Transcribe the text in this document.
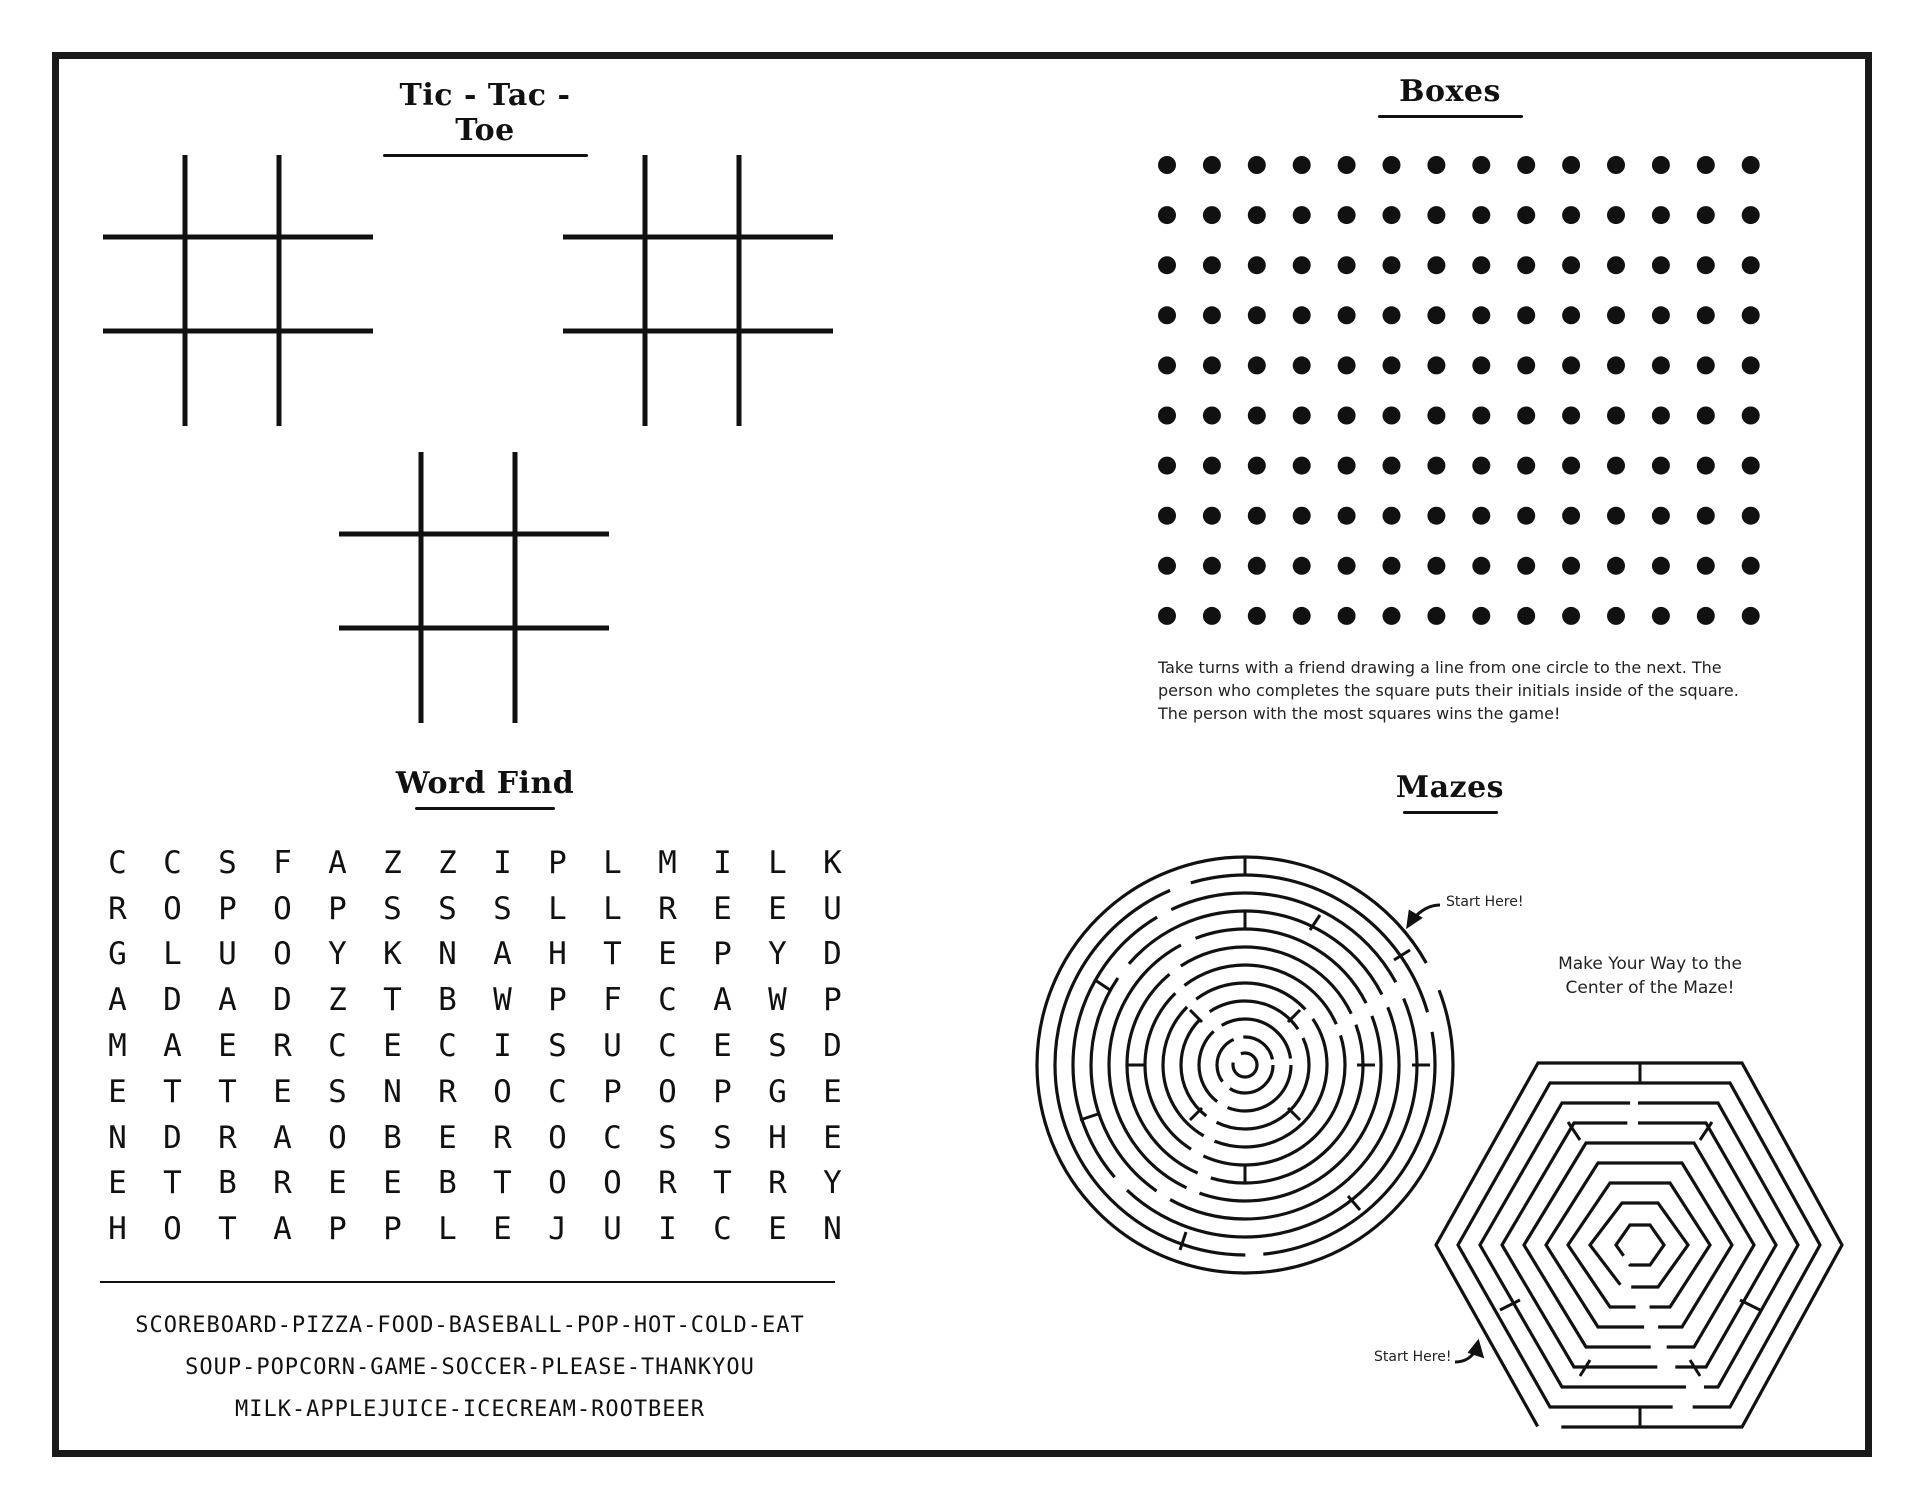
Tic - Tac - Toe
Boxes
Word Find	Mazes
Take turns with a friend drawing a line from one circle to the next. The person who completes the square puts their initials inside of the square. The person with the most squares wins the game!
C	C	S	F	A	Z	Z	I	P	L	M	I	L	K
R	O	P	O	P	S	S	S	L	L	R	E	E	U
G	L	U	O	Y	K	N	A	H	T	E	P	Y	D
A	D	A	D	Z	T	B	W	P	F	C	A	W	P
M	A	E	R	C	E	C	I	S	U	C	E	S	D
E	T	T	E	S	N	R	O	C	P	O	P	G	E
N	D	R	A	O	B	E	R	O	C	S	S	H	E
E	T	B	R	E	E	B	T	O	O	R	T	R	Y
H	O	T	A	P	P	L	E	J	U	I	C	E	N
SCOREBOARD-PIZZA-FOOD-BASEBALL-POP-HOT-COLD-EAT
SOUP-POPCORN-GAME-SOCCER-PLEASE-THANKYOU
MILK-APPLEJUICE-ICECREAM-ROOTBEER
Start Here!
Start Here!
Make Your Way to the
Center of the Maze!
